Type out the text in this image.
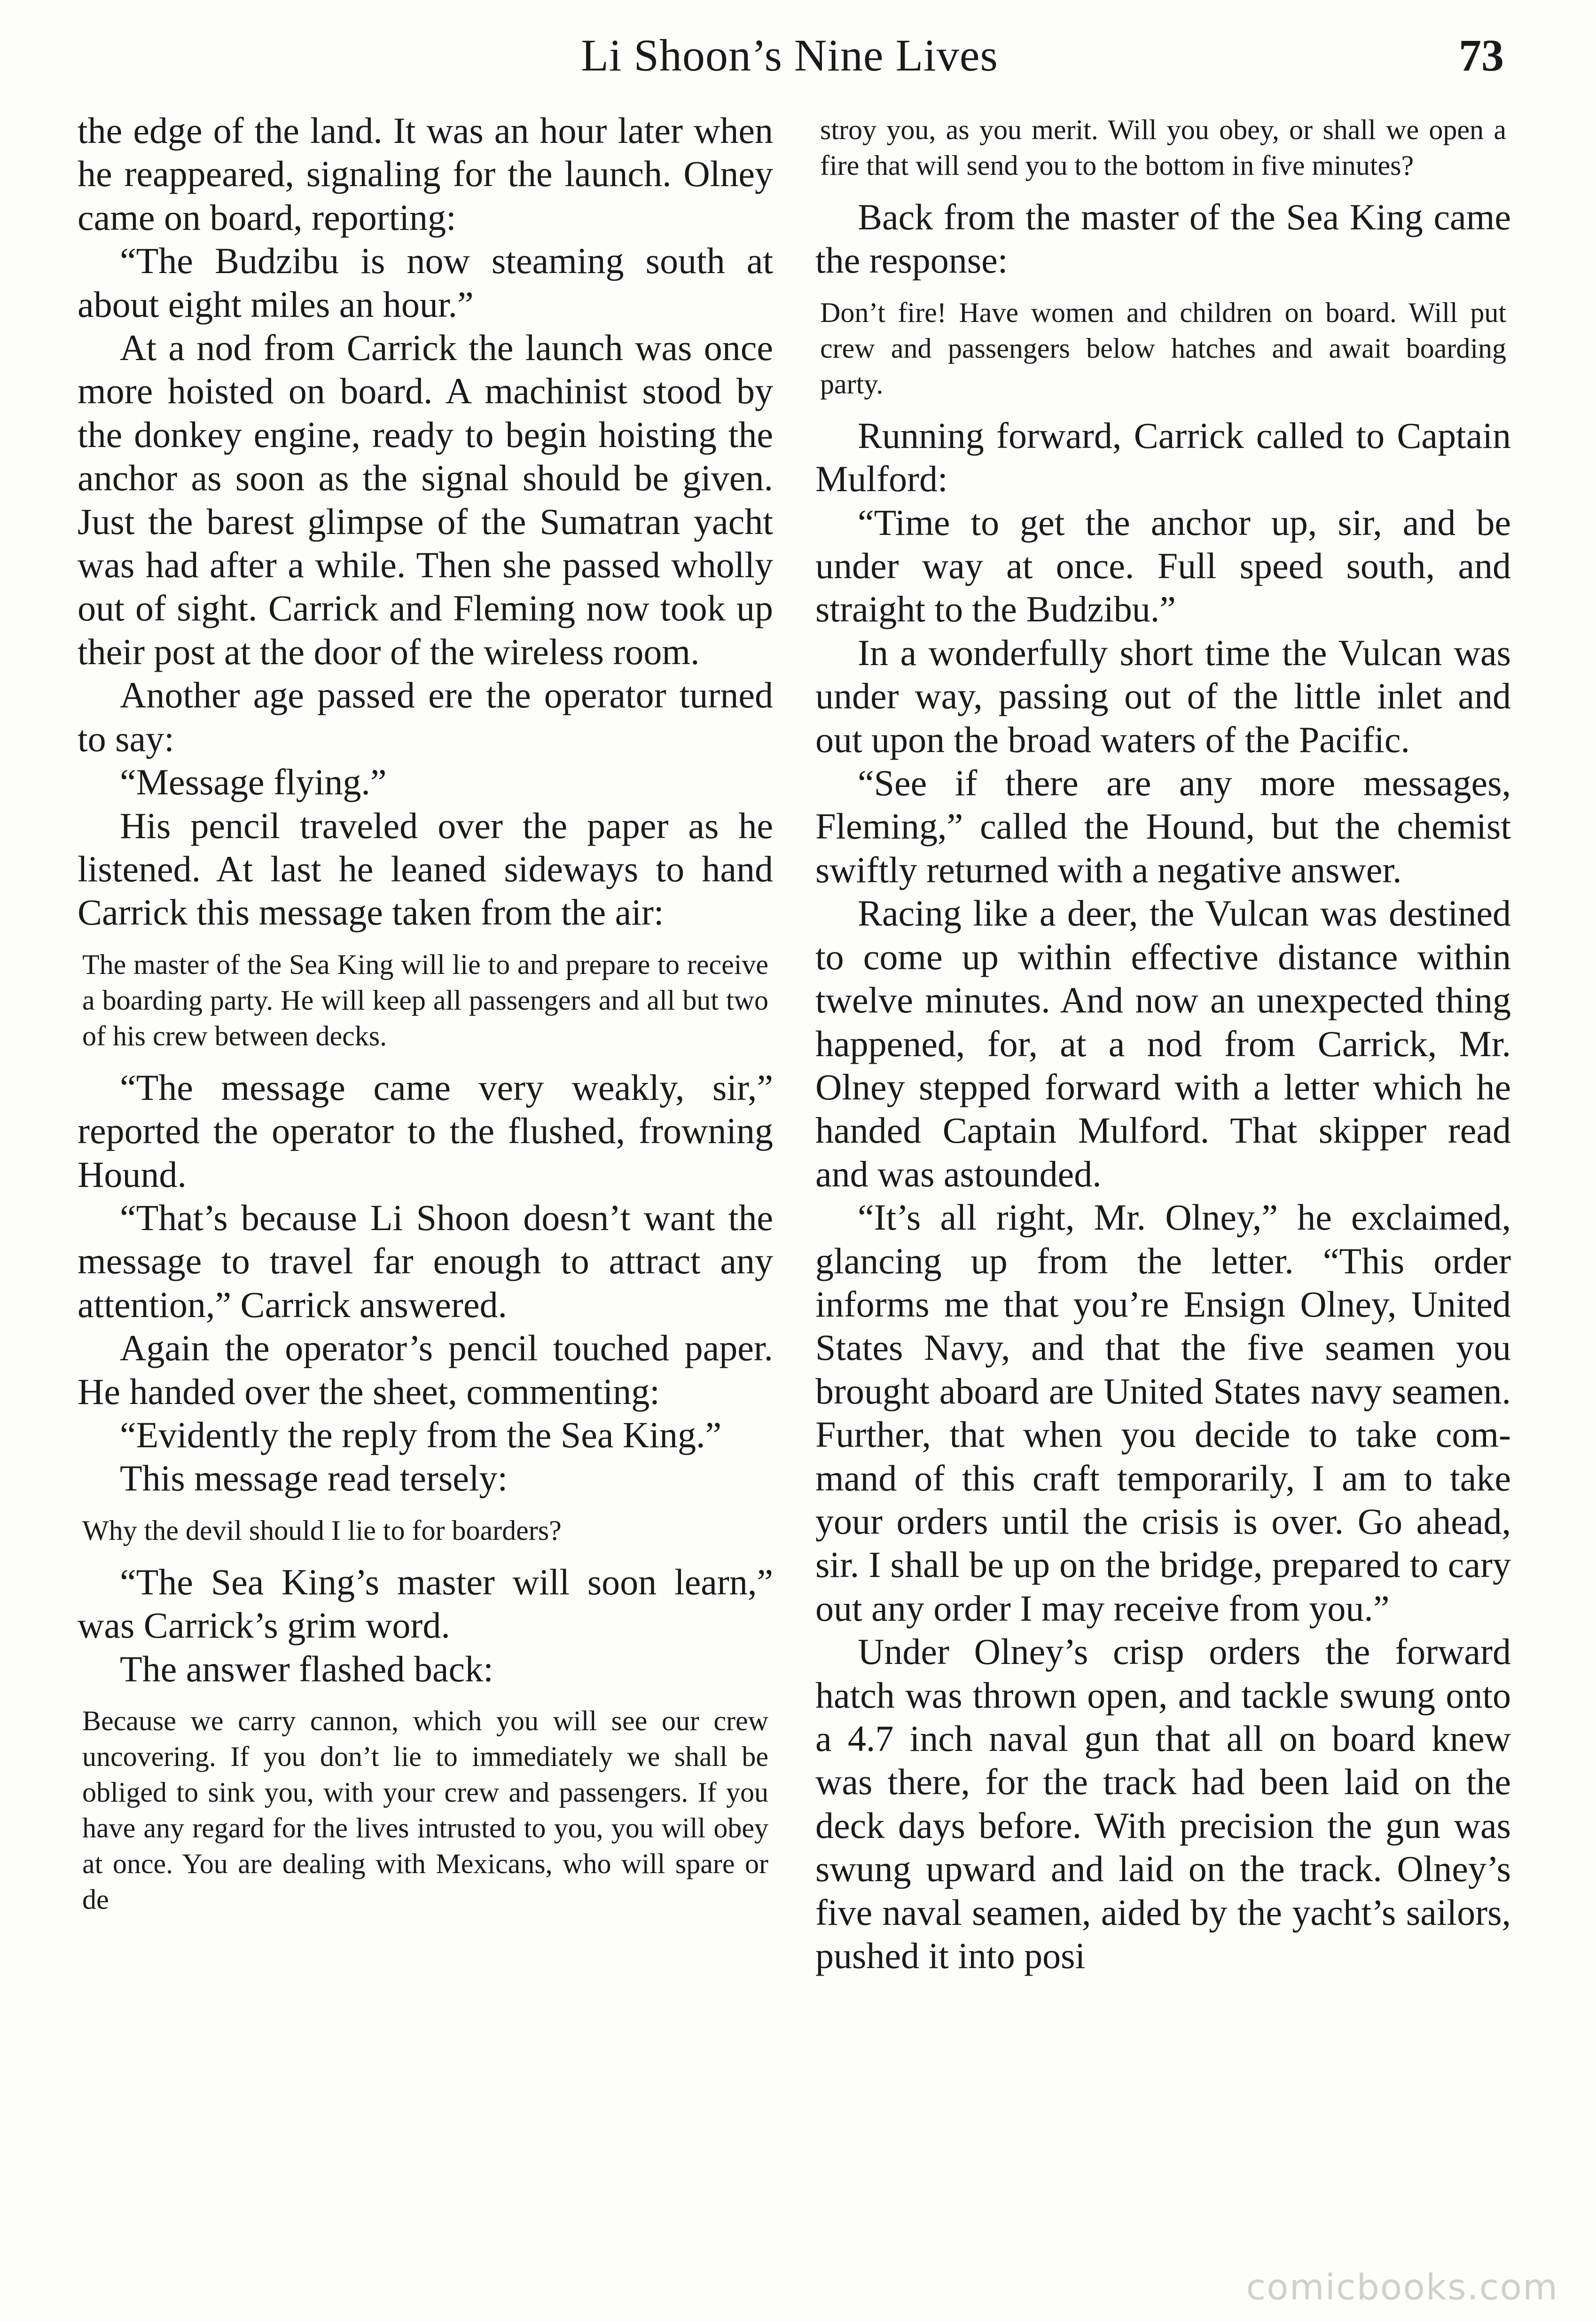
Li Shoon’s Nine Lives	73

the edge of the land. It was an hour later when he reappeared, signaling for the launch. Olney came on board, reporting:

“The Budzibu is now steaming south at about eight miles an hour.”

At a nod from Carrick the launch was once more hoisted on board. A machinist stood by the donkey engine, ready to begin hoisting the anchor as soon as the signal should be given. Just the barest glimpse of the Sumatran yacht was had after a while. Then she passed wholly out of sight. Carrick and Fleming now took up their post at the door of the wireless room.

Another age passed ere the operator turned to say:

“Message flying.”

His pencil traveled over the paper as he listened. At last he leaned sideways to hand Carrick this message taken from the air:

The master of the Sea King will lie to and prepare to receive a boarding party. He will keep all passengers and all but two of his crew between decks.

“The message came very weakly, sir,” reported the operator to the flushed, frowning Hound.

“That’s because Li Shoon doesn’t want the message to travel far enough to attract any attention,” Carrick answered.

Again the operator’s pencil touched paper. He handed over the sheet, commenting:

“Evidently the reply from the Sea King.”

This message read tersely:

Why the devil should I lie to for boarders?

“The Sea King’s master will soon learn,” was Carrick’s grim word.

The answer flashed back:

Because we carry cannon, which you will see our crew uncovering. If you don’t lie to immediately we shall be obliged to sink you, with your crew and passengers. If you have any regard for the lives intrusted to you, you will obey at once. You are dealing with Mexicans, who will spare or de

stroy you, as you merit. Will you obey, or shall we open a fire that will send you to the bottom in five minutes?

Back from the master of the Sea King came the response:

Don’t fire! Have women and children on board. Will put crew and passengers below hatches and await boarding party.

Running forward, Carrick called to Captain Mulford:

“Time to get the anchor up, sir, and be under way at once. Full speed south, and straight to the Budzibu.”

In a wonderfully short time the Vulcan was under way, passing out of the little inlet and out upon the broad waters of the Pacific.

“See if there are any more messages, Fleming,” called the Hound, but the chemist swiftly returned with a negative answer.

Racing like a deer, the Vulcan was destined to come up within effective distance within twelve minutes. And now an unexpected thing happened, for, at a nod from Carrick, Mr. Olney stepped forward with a letter which he handed Captain Mulford. That skipper read and was astounded.

“It’s all right, Mr. Olney,” he exclaimed, glancing up from the letter. “This order informs me that you’re Ensign Olney, United States Navy, and that the five seamen you brought aboard are United States navy seamen. Further, that when you decide to take command of this craft temporarily, I am to take your orders until the crisis is over. Go ahead, sir. I shall be up on the bridge, prepared to cary out any order I may receive from you.”

Under Olney’s crisp orders the forward hatch was thrown open, and tackle swung onto a 4.7 inch naval gun that all on board knew was there, for the track had been laid on the deck days before. With precision the gun was swung upward and laid on the track. Olney’s five naval seamen, aided by the yacht’s sailors, pushed it into posi

comicbooks.com
